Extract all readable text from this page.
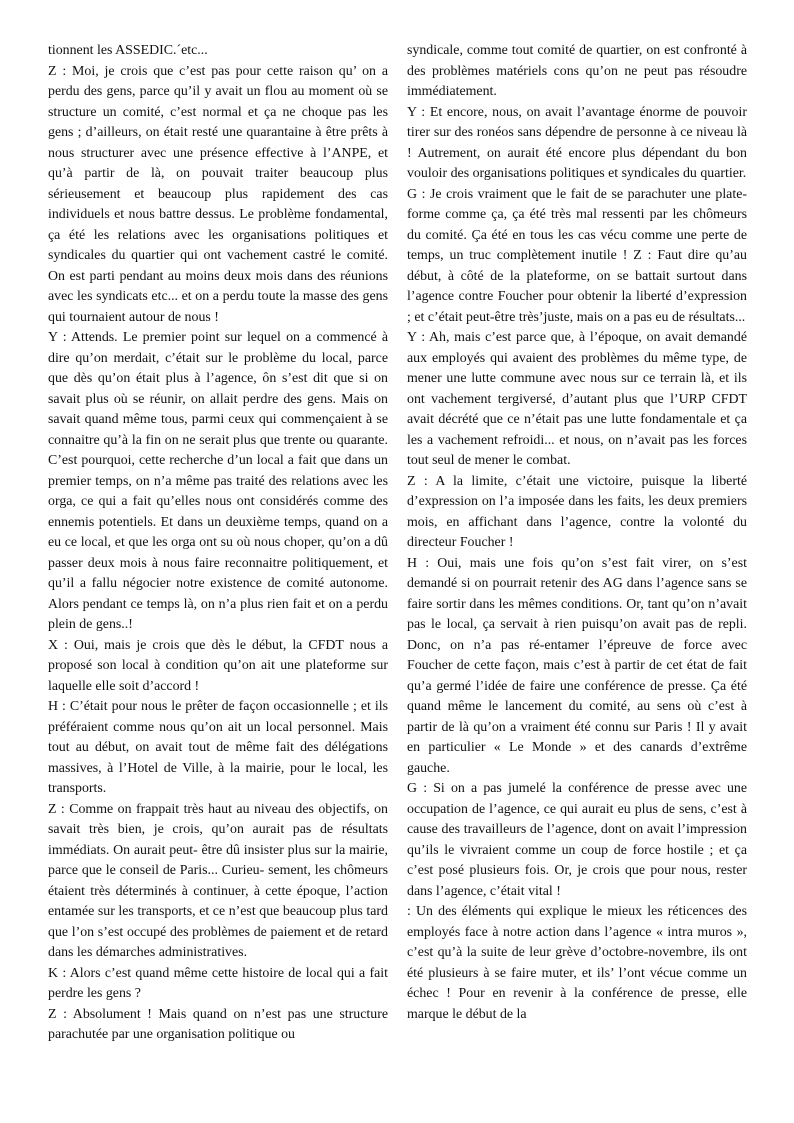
tionnent les ASSEDIC.´etc...

Z : Moi, je crois que c’est pas pour cette raison qu’ on a perdu des gens, parce qu’il y avait un flou au moment où se structure un comité, c’est normal et ça ne choque pas les gens ; d’ailleurs, on était resté une quarantaine à être prêts à nous structurer avec une présence effective à l’ANPE, et qu’à partir de là, on pouvait traiter beaucoup plus sérieusement et beaucoup plus rapidement des cas individuels et nous battre dessus. Le problème fondamental, ça été les relations avec les organisations politiques et syndicales du quartier qui ont vachement castré le comité. On est parti pendant au moins deux mois dans des réunions avec les syndicats etc... et on a perdu toute la masse des gens qui tournaient autour de nous !

Y : Attends. Le premier point sur lequel on a commencé à dire qu’on merdait, c’était sur le problème du local, parce que dès qu’on était plus à l’agence, ôn s’est dit que si on savait plus où se réunir, on allait perdre des gens. Mais on savait quand même tous, parmi ceux qui commençaient à se connaitre qu’à la fin on ne serait plus que trente ou quarante. C’est pourquoi, cette recherche d’un local a fait que dans un premier temps, on n’a même pas traité des relations avec les orga, ce qui a fait qu’elles nous ont considérés comme des ennemis potentiels. Et dans un deuxième temps, quand on a eu ce local, et que les orga ont su où nous choper, qu’on a dû passer deux mois à nous faire reconnaitre politiquement, et qu’il a fallu négocier notre existence de comité autonome. Alors pendant ce temps là, on n’a plus rien fait et on a perdu plein de gens..!

X : Oui, mais je crois que dès le début, la CFDT nous a proposé son local à condition qu’on ait une plateforme sur laquelle elle soit d’accord !

H : C’était pour nous le prêter de façon occasionnelle ; et ils préféraient comme nous qu’on ait un local personnel. Mais tout au début, on avait tout de même fait des délégations massives, à l’Hotel de Ville, à la mairie, pour le local, les transports.

Z : Comme on frappait très haut au niveau des objectifs, on savait très bien, je crois, qu’on aurait pas de résultats immédiats. On aurait peut- être dû insister plus sur la mairie, parce que le conseil de Paris... Curieu- sement, les chômeurs étaient très déterminés à continuer, à cette époque, l’action entamée sur les transports, et ce n’est que beaucoup plus tard que l’on s’est occupé des problèmes de paiement et de retard dans les démarches administratives.

K : Alors c’est quand même cette histoire de local qui a fait perdre les gens ?

Z : Absolument ! Mais quand on n’est pas une structure parachutée par une organisation politique ou

syndicale, comme tout comité de quartier, on est confronté à des problèmes matériels cons qu’on ne peut pas résoudre immédiatement.

Y : Et encore, nous, on avait l’avantage énorme de pouvoir tirer sur des ronéos sans dépendre de personne à ce niveau là ! Autrement, on aurait été encore plus dépendant du bon vouloir des organisations politiques et syndicales du quartier.

G : Je crois vraiment que le fait de se parachuter une plate-forme comme ça, ça été très mal ressenti par les chômeurs du comité. Ça été en tous les cas vécu comme une perte de temps, un truc complètement inutile ! Z : Faut dire qu’au début, à côté de la plateforme, on se battait surtout dans l’agence contre Foucher pour obtenir la liberté d’expression ; et c’était peut-être très’juste, mais on a pas eu de résultats...

Y : Ah, mais c’est parce que, à l’époque, on avait demandé aux employés qui avaient des problèmes du même type, de mener une lutte commune avec nous sur ce terrain là, et ils ont vachement tergiversé, d’autant plus que l’URP CFDT avait décrété que ce n’était pas une lutte fondamentale et ça les a vachement refroidi... et nous, on n’avait pas les forces tout seul de mener le combat.

Z : A la limite, c’était une victoire, puisque la liberté d’expression on l’a imposée dans les faits, les deux premiers mois, en affichant dans l’agence, contre la volonté du directeur Foucher !

H : Oui, mais une fois qu’on s’est fait virer, on s’est demandé si on pourrait retenir des AG dans l’agence sans se faire sortir dans les mêmes conditions. Or, tant qu’on n’avait pas le local, ça servait à rien puisqu’on avait pas de repli. Donc, on n’a pas ré-entamer l’épreuve de force avec Foucher de cette façon, mais c’est à partir de cet état de fait qu’a germé l’idée de faire une conférence de presse. Ça été quand même le lancement du comité, au sens où c’est à partir de là qu’on a vraiment été connu sur Paris ! Il y avait en particulier « Le Monde » et des canards d’extrême gauche.

G : Si on a pas jumelé la conférence de presse avec une occupation de l’agence, ce qui aurait eu plus de sens, c’est à cause des travailleurs de l’agence, dont on avait l’impression qu’ils le vivraient comme un coup de force hostile ; et ça c’est posé plusieurs fois. Or, je crois que pour nous, rester dans l’agence, c’était vital !

: Un des éléments qui explique le mieux les réticences des employés face à notre action dans l’agence « intra muros », c’est qu’à la suite de leur grève d’octobre-novembre, ils ont été plusieurs à se faire muter, et ils’ l’ont vécue comme un échec ! Pour en revenir à la conférence de presse, elle marque le début de la
